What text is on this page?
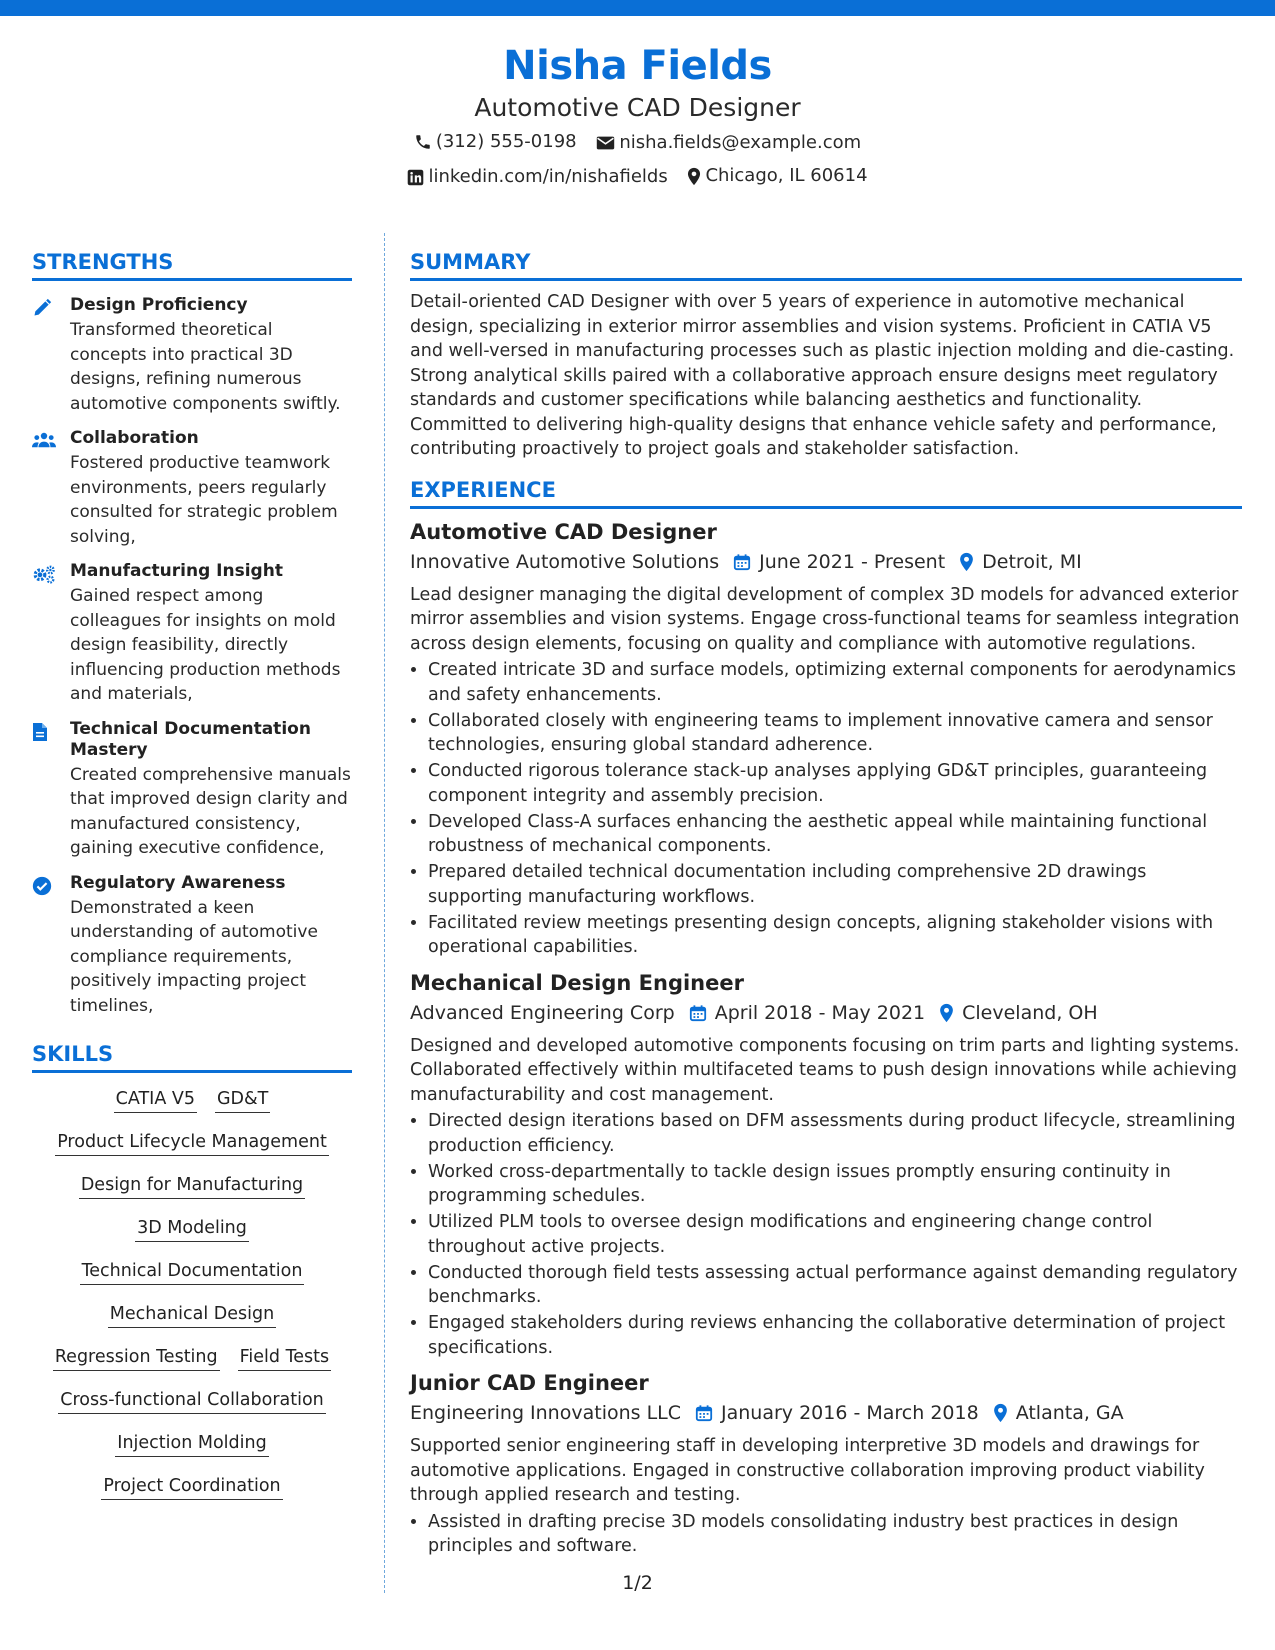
Nisha Fields
Automotive CAD Designer
(312) 555-0198
nisha.fields@example.com
linkedin.com/in/nishafields
Chicago, IL 60614
STRENGTHS
Design Proficiency
Transformed theoretical concepts into practical 3D designs, refining numerous automotive components swiftly.
Collaboration
Fostered productive teamwork environments, peers regularly consulted for strategic problem solving,
Manufacturing Insight
Gained respect among colleagues for insights on mold design feasibility, directly influencing production methods and materials,
Technical Documentation Mastery
Created comprehensive manuals that improved design clarity and manufactured consistency, gaining executive confidence,
Regulatory Awareness
Demonstrated a keen understanding of automotive compliance requirements, positively impacting project timelines,
SKILLS
CATIA V5 GD&T
Product Lifecycle Management
Design for Manufacturing
3D Modeling
Technical Documentation
Mechanical Design
Regression Testing Field Tests
Cross-functional Collaboration
Injection Molding
Project Coordination
SUMMARY
Detail-oriented CAD Designer with over 5 years of experience in automotive mechanical design, specializing in exterior mirror assemblies and vision systems. Proficient in CATIA V5 and well-versed in manufacturing processes such as plastic injection molding and die-casting. Strong analytical skills paired with a collaborative approach ensure designs meet regulatory standards and customer specifications while balancing aesthetics and functionality. Committed to delivering high-quality designs that enhance vehicle safety and performance, contributing proactively to project goals and stakeholder satisfaction.
EXPERIENCE
Automotive CAD Designer
Innovative Automotive Solutions June 2021 - Present Detroit, MI
Lead designer managing the digital development of complex 3D models for advanced exterior mirror assemblies and vision systems. Engage cross-functional teams for seamless integration across design elements, focusing on quality and compliance with automotive regulations.
• Created intricate 3D and surface models, optimizing external components for aerodynamics and safety enhancements.
• Collaborated closely with engineering teams to implement innovative camera and sensor technologies, ensuring global standard adherence.
• Conducted rigorous tolerance stack-up analyses applying GD&T principles, guaranteeing component integrity and assembly precision.
• Developed Class-A surfaces enhancing the aesthetic appeal while maintaining functional robustness of mechanical components.
• Prepared detailed technical documentation including comprehensive 2D drawings supporting manufacturing workflows.
• Facilitated review meetings presenting design concepts, aligning stakeholder visions with operational capabilities.
Mechanical Design Engineer
Advanced Engineering Corp April 2018 - May 2021 Cleveland, OH
Designed and developed automotive components focusing on trim parts and lighting systems. Collaborated effectively within multifaceted teams to push design innovations while achieving manufacturability and cost management.
• Directed design iterations based on DFM assessments during product lifecycle, streamlining production efficiency.
• Worked cross-departmentally to tackle design issues promptly ensuring continuity in programming schedules.
• Utilized PLM tools to oversee design modifications and engineering change control throughout active projects.
• Conducted thorough field tests assessing actual performance against demanding regulatory benchmarks.
• Engaged stakeholders during reviews enhancing the collaborative determination of project specifications.
Junior CAD Engineer
Engineering Innovations LLC January 2016 - March 2018 Atlanta, GA
Supported senior engineering staff in developing interpretive 3D models and drawings for automotive applications. Engaged in constructive collaboration improving product viability through applied research and testing.
• Assisted in drafting precise 3D models consolidating industry best practices in design principles and software.
1/2
